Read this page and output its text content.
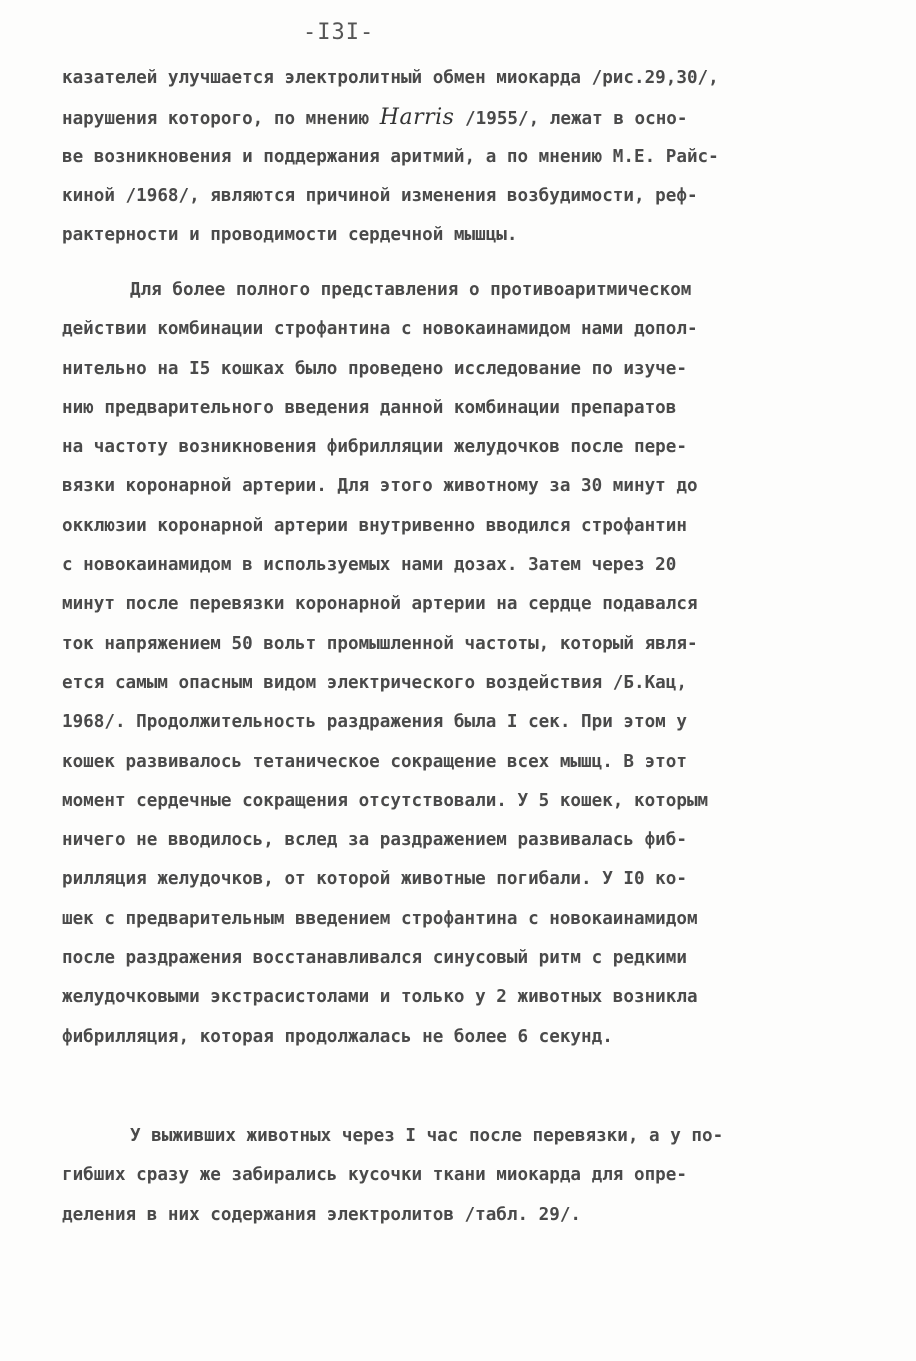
-I3I-
казателей улучшается электролитный обмен миокарда /рис.29,30/,
нарушения которого, по мнению Harris /1955/, лежат в осно-
ве возникновения и поддержания аритмий, а по мнению М.Е. Райс-
киной /1968/, являются причиной изменения возбудимости, реф-
рактерности и проводимости сердечной мышцы.
Для более полного представления о противоаритмическом
действии комбинации строфантина с новокаинамидом нами допол-
нительно на I5 кошках было проведено исследование по изуче-
нию предварительного введения данной комбинации препаратов
на частоту возникновения фибрилляции желудочков после пере-
вязки коронарной артерии. Для этого животному за 30 минут до
окклюзии коронарной артерии внутривенно вводился строфантин
с новокаинамидом в используемых нами дозах. Затем через 20
минут после перевязки коронарной артерии на сердце подавался
ток напряжением 50 вольт промышленной частоты, который явля-
ется самым опасным видом электрического воздействия /Б.Кац,
1968/. Продолжительность раздражения была I сек. При этом у
кошек развивалось тетаническое сокращение всех мышц. В этот
момент сердечные сокращения отсутствовали. У 5 кошек, которым
ничего не вводилось, вслед за раздражением развивалась фиб-
рилляция желудочков, от которой животные погибали. У I0 ко-
шек с предварительным введением строфантина с новокаинамидом
после раздражения восстанавливался синусовый ритм с редкими
желудочковыми экстрасистолами и только у 2 животных возникла
фибрилляция, которая продолжалась не более 6 секунд.
У выживших животных через I час после перевязки, а у по-
гибших сразу же забирались кусочки ткани миокарда для опре-
деления в них содержания электролитов /табл. 29/.
